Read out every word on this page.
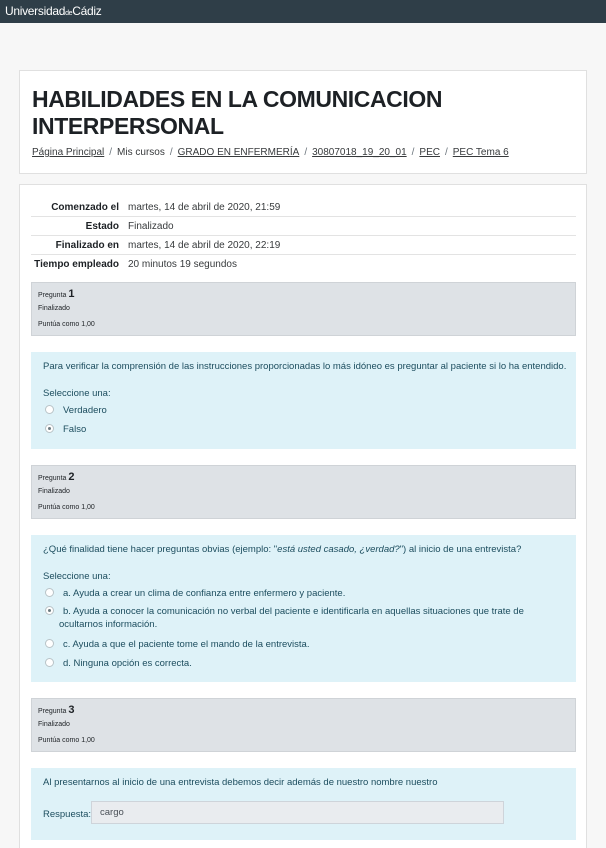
UniversidaddeCádiz
HABILIDADES EN LA COMUNICACION INTERPERSONAL
Página Principal / Mis cursos / GRADO EN ENFERMERÍA / 30807018_19_20_01 / PEC / PEC Tema 6
Comenzado el martes, 14 de abril de 2020, 21:59
Estado Finalizado
Finalizado en martes, 14 de abril de 2020, 22:19
Tiempo empleado 20 minutos 19 segundos
Pregunta 1
Finalizado
Puntúa como 1,00
Para verificar la comprensión de las instrucciones proporcionadas lo más idóneo es preguntar al paciente si lo ha entendido.
Seleccione una:
Verdadero
Falso
Pregunta 2
Finalizado
Puntúa como 1,00
¿Qué finalidad tiene hacer preguntas obvias (ejemplo: "está usted casado, ¿verdad?") al inicio de una entrevista?
Seleccione una:
a. Ayuda a crear un clima de confianza entre enfermero y paciente.
b. Ayuda a conocer la comunicación no verbal del paciente e identificarla en aquellas situaciones que trate de ocultarnos información.
c. Ayuda a que el paciente tome el mando de la entrevista.
d. Ninguna opción es correcta.
Pregunta 3
Finalizado
Puntúa como 1,00
Al presentarnos al inicio de una entrevista debemos decir además de nuestro nombre nuestro
Respuesta: cargo
